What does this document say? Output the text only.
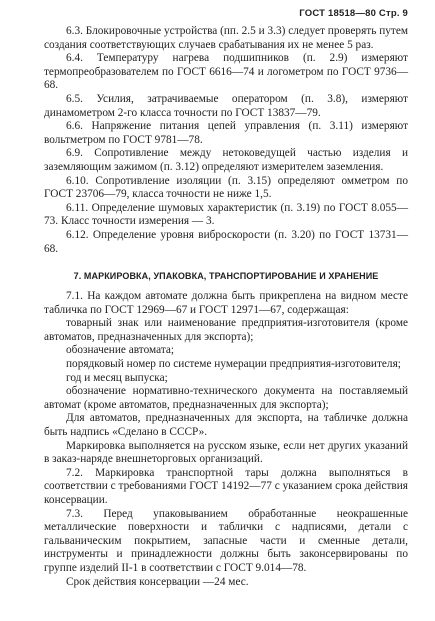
ГОСТ 18518—80 Стр. 9

6.3. Блокировочные устройства (пп. 2.5 и 3.3) следует проверять путем создания соответствующих случаев срабатывания их не менее 5 раз.

6.4. Температуру нагрева подшипников (п. 2.9) измеряют термопреобразователем по ГОСТ 6616—74 и логометром по ГОСТ 9736—68.

6.5. Усилия, затрачиваемые оператором (п. 3.8), измеряют динамометром 2-го класса точности по ГОСТ 13837—79.

6.6. Напряжение питания цепей управления (п. 3.11) измеряют вольтметром по ГОСТ 9781—78.

6.9. Сопротивление между нетоковедущей частью изделия и заземляющим зажимом (п. 3.12) определяют измерителем заземления.

6.10. Сопротивление изоляции (п. 3.15) определяют омметром по ГОСТ 23706—79, класса точности не ниже 1,5.

6.11. Определение шумовых характеристик (п. 3.19) по ГОСТ 8.055—73. Класс точности измерения — 3.

6.12. Определение уровня виброскорости (п. 3.20) по ГОСТ 13731—68.

7. МАРКИРОВКА, УПАКОВКА, ТРАНСПОРТИРОВАНИЕ И ХРАНЕНИЕ

7.1. На каждом автомате должна быть прикреплена на видном месте табличка по ГОСТ 12969—67 и ГОСТ 12971—67, содержащая:

товарный знак или наименование предприятия-изготовителя (кроме автоматов, предназначенных для экспорта);

обозначение автомата;

порядковый номер по системе нумерации предприятия-изготовителя;

год и месяц выпуска;

обозначение нормативно-технического документа на поставляемый автомат (кроме автоматов, предназначенных для экспорта);

Для автоматов, предназначенных для экспорта, на табличке должна быть надпись «Сделано в СССР».

Маркировка выполняется на русском языке, если нет других указаний в заказ-наряде внешнеторговых организаций.

7.2. Маркировка транспортной тары должна выполняться в соответствии с требованиями ГОСТ 14192—77 с указанием срока действия консервации.

7.3. Перед упаковыванием обработанные неокрашенные металлические поверхности и таблички с надписями, детали с гальваническим покрытием, запасные части и сменные детали, инструменты и принадлежности должны быть законсервированы по группе изделий II-1 в соответствии с ГОСТ 9.014—78.

Срок действия консервации —24 мес.
